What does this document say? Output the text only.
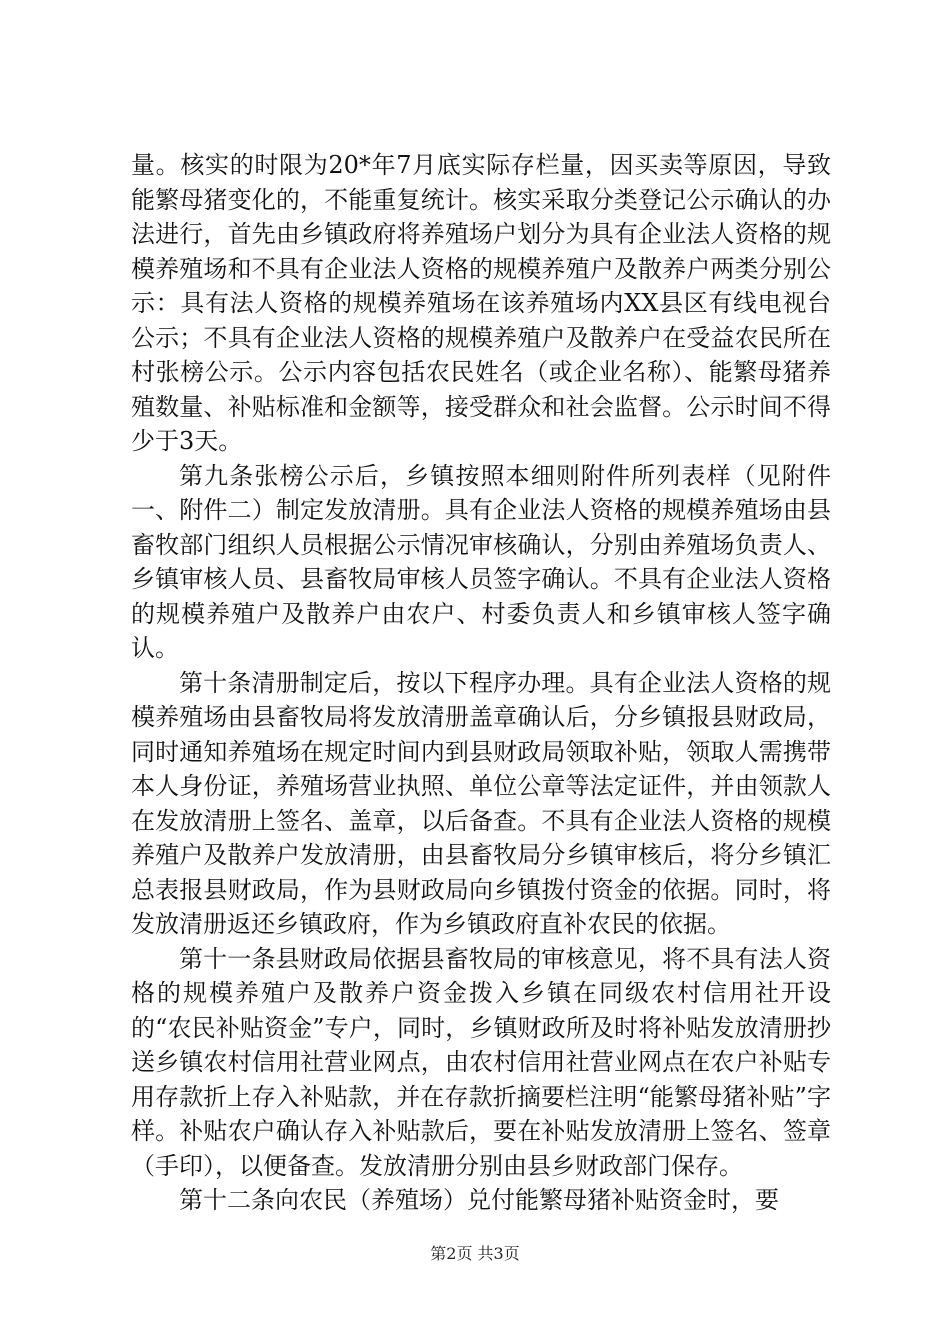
量。核实的时限为20*年7月底实际存栏量，因买卖等原因，导致能繁母猪变化的，不能重复统计。核实采取分类登记公示确认的办法进行，首先由乡镇政府将养殖场户划分为具有企业法人资格的规模养殖场和不具有企业法人资格的规模养殖户及散养户两类分别公示：具有法人资格的规模养殖场在该养殖场内XX县区有线电视台公示；不具有企业法人资格的规模养殖户及散养户在受益农民所在村张榜公示。公示内容包括农民姓名（或企业名称）、能繁母猪养殖数量、补贴标准和金额等，接受群众和社会监督。公示时间不得少于3天。

第九条张榜公示后，乡镇按照本细则附件所列表样（见附件一、附件二）制定发放清册。具有企业法人资格的规模养殖场由县畜牧部门组织人员根据公示情况审核确认，分别由养殖场负责人、乡镇审核人员、县畜牧局审核人员签字确认。不具有企业法人资格的规模养殖户及散养户由农户、村委负责人和乡镇审核人签字确认。

第十条清册制定后，按以下程序办理。具有企业法人资格的规模养殖场由县畜牧局将发放清册盖章确认后，分乡镇报县财政局，同时通知养殖场在规定时间内到县财政局领取补贴，领取人需携带本人身份证，养殖场营业执照、单位公章等法定证件，并由领款人在发放清册上签名、盖章，以后备查。不具有企业法人资格的规模养殖户及散养户发放清册，由县畜牧局分乡镇审核后，将分乡镇汇总表报县财政局，作为县财政局向乡镇拨付资金的依据。同时，将发放清册返还乡镇政府，作为乡镇政府直补农民的依据。

第十一条县财政局依据县畜牧局的审核意见，将不具有法人资格的规模养殖户及散养户资金拨入乡镇在同级农村信用社开设的“农民补贴资金”专户，同时，乡镇财政所及时将补贴发放清册抄送乡镇农村信用社营业网点，由农村信用社营业网点在农户补贴专用存款折上存入补贴款，并在存款折摘要栏注明“能繁母猪补贴”字样。补贴农户确认存入补贴款后，要在补贴发放清册上签名、签章（手印），以便备查。发放清册分别由县乡财政部门保存。

第十二条向农民（养殖场）兑付能繁母猪补贴资金时，要

第2页 共3页
